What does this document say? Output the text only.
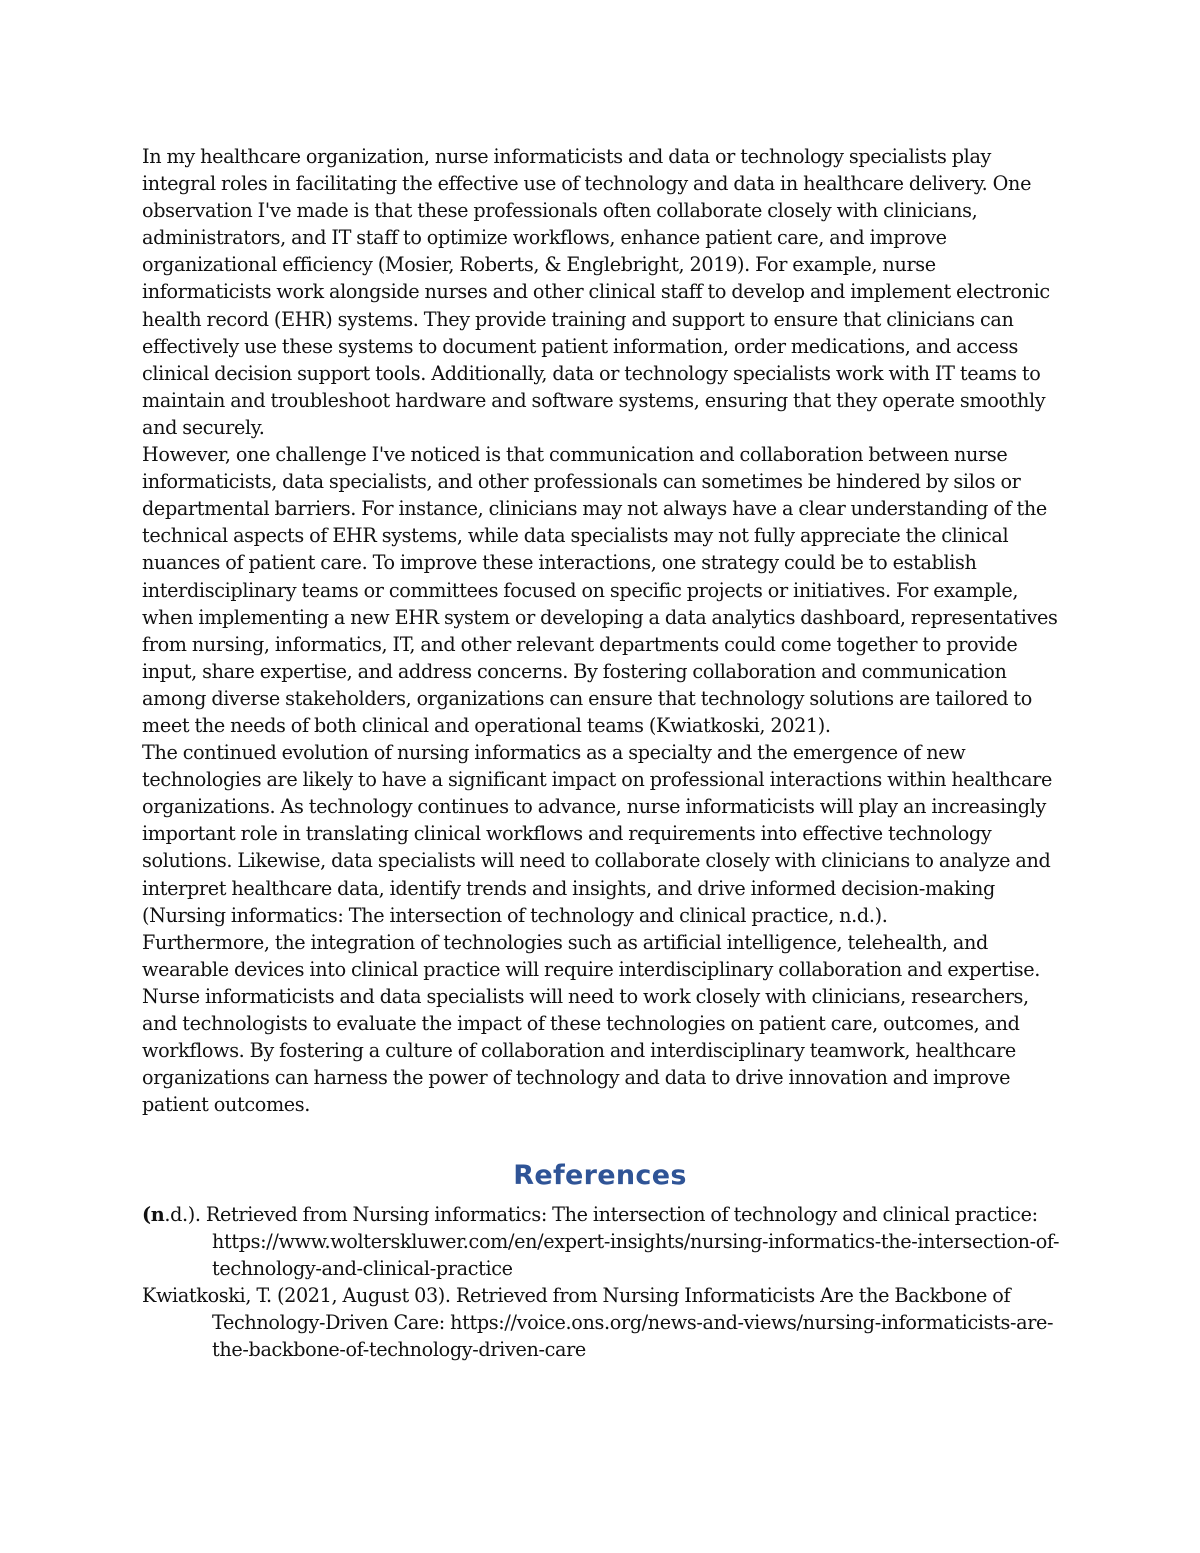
In my healthcare organization, nurse informaticists and data or technology specialists play integral roles in facilitating the effective use of technology and data in healthcare delivery. One observation I've made is that these professionals often collaborate closely with clinicians, administrators, and IT staff to optimize workflows, enhance patient care, and improve organizational efficiency (Mosier, Roberts, & Englebright, 2019). For example, nurse informaticists work alongside nurses and other clinical staff to develop and implement electronic health record (EHR) systems. They provide training and support to ensure that clinicians can effectively use these systems to document patient information, order medications, and access clinical decision support tools. Additionally, data or technology specialists work with IT teams to maintain and troubleshoot hardware and software systems, ensuring that they operate smoothly and securely.

However, one challenge I've noticed is that communication and collaboration between nurse informaticists, data specialists, and other professionals can sometimes be hindered by silos or departmental barriers. For instance, clinicians may not always have a clear understanding of the technical aspects of EHR systems, while data specialists may not fully appreciate the clinical nuances of patient care. To improve these interactions, one strategy could be to establish interdisciplinary teams or committees focused on specific projects or initiatives. For example, when implementing a new EHR system or developing a data analytics dashboard, representatives from nursing, informatics, IT, and other relevant departments could come together to provide input, share expertise, and address concerns. By fostering collaboration and communication among diverse stakeholders, organizations can ensure that technology solutions are tailored to meet the needs of both clinical and operational teams (Kwiatkoski, 2021).

The continued evolution of nursing informatics as a specialty and the emergence of new technologies are likely to have a significant impact on professional interactions within healthcare organizations. As technology continues to advance, nurse informaticists will play an increasingly important role in translating clinical workflows and requirements into effective technology solutions. Likewise, data specialists will need to collaborate closely with clinicians to analyze and interpret healthcare data, identify trends and insights, and drive informed decision-making (Nursing informatics: The intersection of technology and clinical practice, n.d.).

Furthermore, the integration of technologies such as artificial intelligence, telehealth, and wearable devices into clinical practice will require interdisciplinary collaboration and expertise. Nurse informaticists and data specialists will need to work closely with clinicians, researchers, and technologists to evaluate the impact of these technologies on patient care, outcomes, and workflows. By fostering a culture of collaboration and interdisciplinary teamwork, healthcare organizations can harness the power of technology and data to drive innovation and improve patient outcomes.

References

(n.d.). Retrieved from Nursing informatics: The intersection of technology and clinical practice: https://www.wolterskluwer.com/en/expert-insights/nursing-informatics-the-intersection-of-technology-and-clinical-practice

Kwiatkoski, T. (2021, August 03). Retrieved from Nursing Informaticists Are the Backbone of Technology-Driven Care: https://voice.ons.org/news-and-views/nursing-informaticists-are-the-backbone-of-technology-driven-care
